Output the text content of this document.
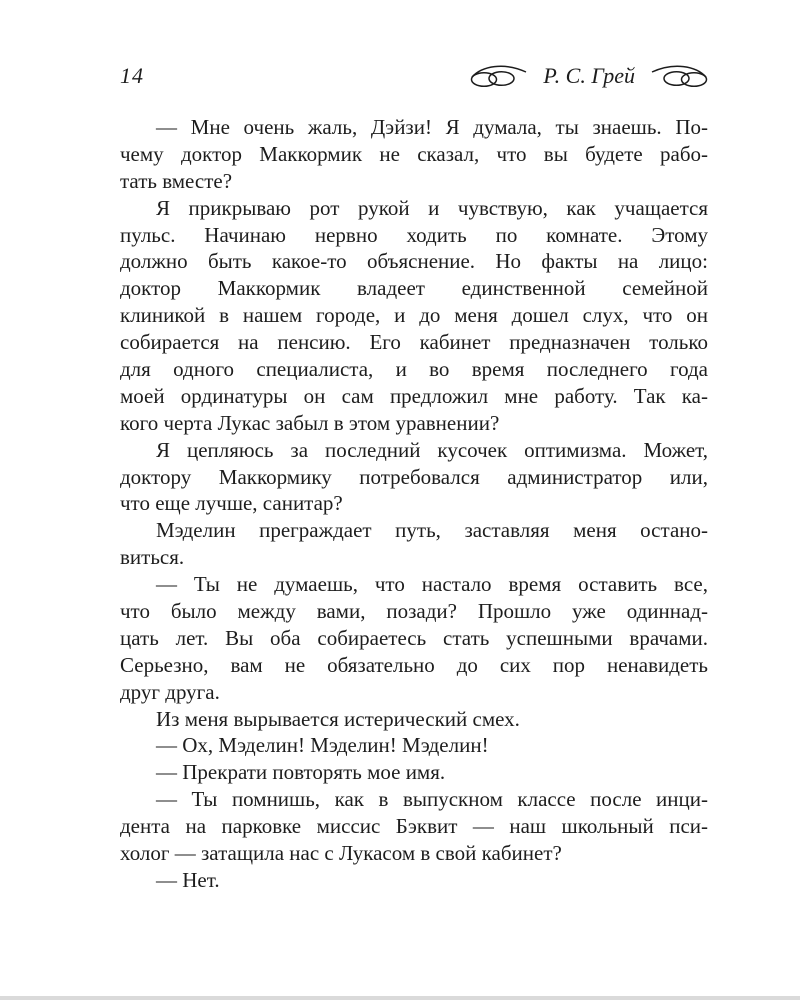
14	Р. С. Грей
— Мне очень жаль, Дэйзи! Я думала, ты знаешь. По-
чему доктор Маккормик не сказал, что вы будете рабо-
тать вместе?
Я прикрываю рот рукой и чувствую, как учащается
пульс. Начинаю нервно ходить по комнате. Этому
должно быть какое-то объяснение. Но факты на лицо:
доктор Маккормик владеет единственной семейной
клиникой в нашем городе, и до меня дошел слух, что он
собирается на пенсию. Его кабинет предназначен только
для одного специалиста, и во время последнего года
моей ординатуры он сам предложил мне работу. Так ка-
кого черта Лукас забыл в этом уравнении?
Я цепляюсь за последний кусочек оптимизма. Может,
доктору Маккормику потребовался администратор или,
что еще лучше, санитар?
Мэделин преграждает путь, заставляя меня остано-
виться.
— Ты не думаешь, что настало время оставить все,
что было между вами, позади? Прошло уже одиннад-
цать лет. Вы оба собираетесь стать успешными врачами.
Серьезно, вам не обязательно до сих пор ненавидеть
друг друга.
Из меня вырывается истерический смех.
— Ох, Мэделин! Мэделин! Мэделин!
— Прекрати повторять мое имя.
— Ты помнишь, как в выпускном классе после инци-
дента на парковке миссис Бэквит — наш школьный пси-
холог — затащила нас с Лукасом в свой кабинет?
— Нет.
